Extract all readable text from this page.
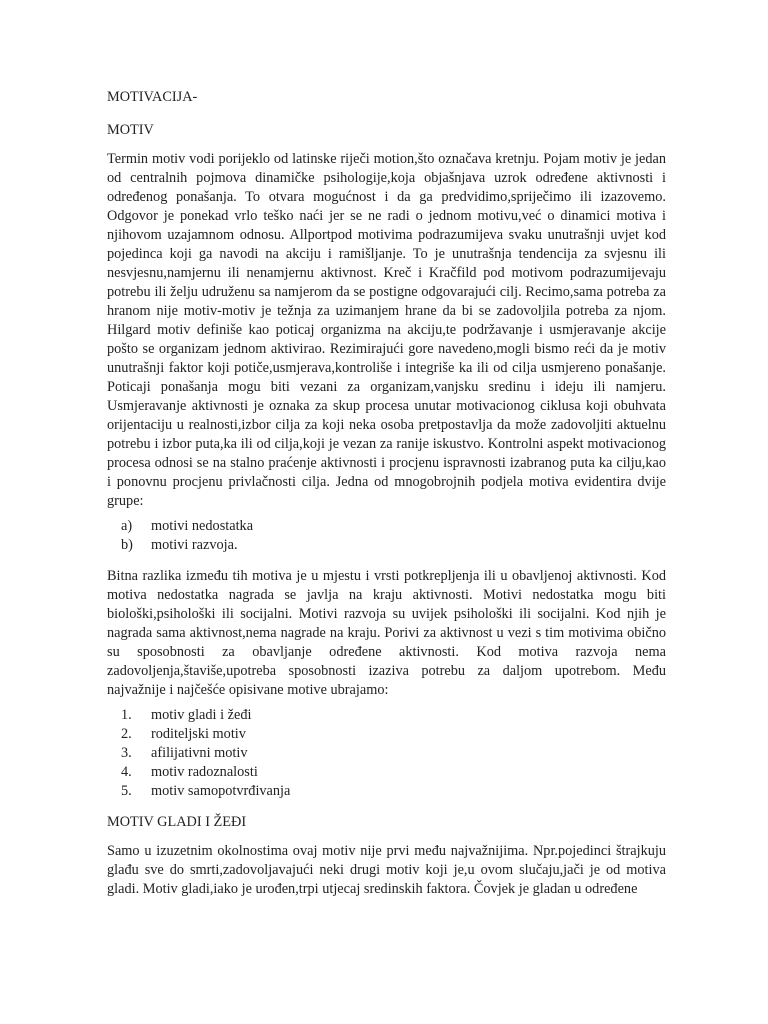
MOTIVACIJA-
MOTIV

Termin motiv vodi porijeklo od latinske riječi motion,što označava kretnju. Pojam motiv je jedan od centralnih pojmova dinamičke psihologije,koja objašnjava uzrok određene aktivnosti i određenog ponašanja. To otvara mogućnost i da ga predvidimo,spriječimo ili izazovemo. Odgovor je ponekad vrlo teško naći jer se ne radi o jednom motivu,već o dinamici motiva i njihovom uzajamnom odnosu. Allportpod motivima podrazumijeva svaku unutrašnji uvjet kod pojedinca koji ga navodi na akciju i ramišljanje. To je unutrašnja tendencija za svjesnu ili nesvjesnu,namjernu ili nenamjernu aktivnost. Kreč i Kračfild pod motivom podrazumijevaju potrebu ili želju udruženu sa namjerom da se postigne odgovarajući cilj. Recimo,sama potreba za hranom nije motiv-motiv je težnja za uzimanjem hrane da bi se zadovoljila potreba za njom. Hilgard motiv definiše kao poticaj organizma na akciju,te podržavanje i usmjeravanje akcije pošto se organizam jednom aktivirao. Rezimirajući gore navedeno,mogli bismo reći da je motiv unutrašnji faktor koji potiče,usmjerava,kontroliše i integriše ka ili od cilja usmjereno ponašanje. Poticaji ponašanja mogu biti vezani za organizam,vanjsku sredinu i ideju ili namjeru. Usmjeravanje aktivnosti je oznaka za skup procesa unutar motivacionog ciklusa koji obuhvata orijentaciju u realnosti,izbor cilja za koji neka osoba pretpostavlja da može zadovoljiti aktuelnu potrebu i izbor puta,ka ili od cilja,koji je vezan za ranije iskustvo. Kontrolni aspekt motivacionog procesa odnosi se na stalno praćenje aktivnosti i procjenu ispravnosti izabranog puta ka cilju,kao i ponovnu procjenu privlačnosti cilja. Jedna od mnogobrojnih podjela motiva evidentira dvije grupe:

a)	motivi nedostatka
b)	motivi razvoja.

Bitna razlika između tih motiva je u mjestu i vrsti potkrepljenja ili u obavljenoj aktivnosti. Kod motiva nedostatka nagrada se javlja na kraju aktivnosti. Motivi nedostatka mogu biti biološki,psihološki ili socijalni. Motivi razvoja su uvijek psihološki ili socijalni. Kod njih je nagrada sama aktivnost,nema nagrade na kraju. Porivi za aktivnost u vezi s tim motivima obično su sposobnosti za obavljanje određene aktivnosti. Kod motiva razvoja nema zadovoljenja,štaviše,upotreba sposobnosti izaziva potrebu za daljom upotrebom. Među najvažnije i najčešće opisivane motive ubrajamo:

1.	motiv gladi i žeđi
2.	roditeljski motiv
3.	afilijativni motiv
4.	motiv radoznalosti
5.	motiv samopotvrđivanja
MOTIV GLADI I ŽEĐI

Samo u izuzetnim okolnostima ovaj motiv nije prvi među najvažnijima. Npr.pojedinci štrajkuju glađu sve do smrti,zadovoljavajući neki drugi motiv koji je,u ovom slučaju,jači je od motiva gladi. Motiv gladi,iako je urođen,trpi utjecaj sredinskih faktora. Čovjek je gladan u određene
